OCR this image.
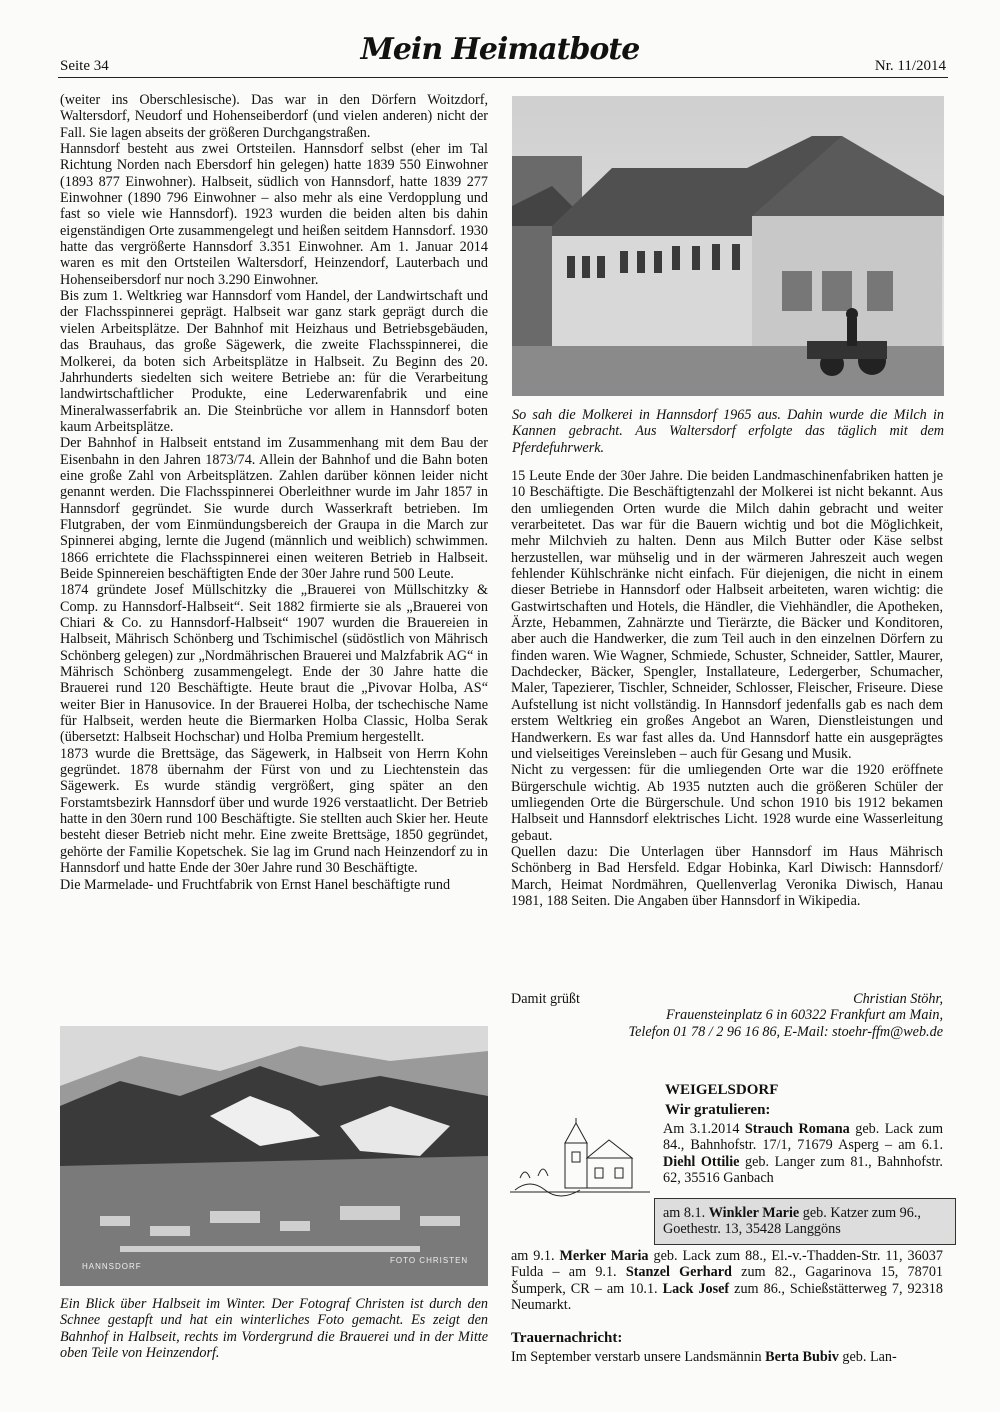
Seite 34	Mein Heimatbote	Nr. 11/2014

(weiter ins Oberschlesische). Das war in den Dörfern Woitzdorf, Waltersdorf, Neudorf und Hohenseiberdorf (und vielen anderen) nicht der Fall. Sie lagen abseits der größeren Durchgangstraßen.

Hannsdorf besteht aus zwei Ortsteilen. Hannsdorf selbst (eher im Tal Richtung Norden nach Ebersdorf hin gelegen) hatte 1839 550 Einwohner (1893 877 Einwohner). Halbseit, südlich von Hannsdorf, hatte 1839 277 Einwohner (1890 796 Einwohner – also mehr als eine Verdopplung und fast so viele wie Hannsdorf). 1923 wurden die beiden alten bis dahin eigenständigen Orte zusammengelegt und heißen seitdem Hannsdorf. 1930 hatte das vergrößerte Hannsdorf 3.351 Einwohner. Am 1. Januar 2014 waren es mit den Ortsteilen Waltersdorf, Heinzendorf, Lauterbach und Hohenseibersdorf nur noch 3.290 Einwohner.

Bis zum 1. Weltkrieg war Hannsdorf vom Handel, der Landwirtschaft und der Flachsspinnerei geprägt. Halbseit war ganz stark geprägt durch die vielen Arbeitsplätze. Der Bahnhof mit Heizhaus und Betriebsgebäuden, das Brauhaus, das große Sägewerk, die zweite Flachsspinnerei, die Molkerei, da boten sich Arbeitsplätze in Halbseit. Zu Beginn des 20. Jahrhunderts siedelten sich weitere Betriebe an: für die Verarbeitung landwirtschaftlicher Produkte, eine Lederwarenfabrik und eine Mineralwasserfabrik an. Die Steinbrüche vor allem in Hannsdorf boten kaum Arbeitsplätze.

Der Bahnhof in Halbseit entstand im Zusammenhang mit dem Bau der Eisenbahn in den Jahren 1873/74. Allein der Bahnhof und die Bahn boten eine große Zahl von Arbeitsplätzen. Zahlen darüber können leider nicht genannt werden. Die Flachsspinnerei Oberleithner wurde im Jahr 1857 in Hannsdorf gegründet. Sie wurde durch Wasserkraft betrieben. Im Flutgraben, der vom Einmündungsbereich der Graupa in die March zur Spinnerei abging, lernte die Jugend (männlich und weiblich) schwimmen. 1866 errichtete die Flachsspinnerei einen weiteren Betrieb in Halbseit. Beide Spinnereien beschäftigten Ende der 30er Jahre rund 500 Leute.

1874 gründete Josef Müllschitzky die „Brauerei von Müllschitzky & Comp. zu Hannsdorf-Halbseit“. Seit 1882 firmierte sie als „Brauerei von Chiari & Co. zu Hannsdorf-Halbseit“ 1907 wurden die Brauereien in Halbseit, Mährisch Schönberg und Tschimischel (südöstlich von Mährisch Schönberg gelegen) zur „Nordmährischen Brauerei und Malzfabrik AG“ in Mährisch Schönberg zusammengelegt. Ende der 30 Jahre hatte die Brauerei rund 120 Beschäftigte. Heute braut die „Pivovar Holba, AS“ weiter Bier in Hanusovice. In der Brauerei Holba, der tschechische Name für Halbseit, werden heute die Biermarken Holba Classic, Holba Serak (übersetzt: Halbseit Hochschar) und Holba Premium hergestellt.

1873 wurde die Brettsäge, das Sägewerk, in Halbseit von Herrn Kohn gegründet. 1878 übernahm der Fürst von und zu Liechtenstein das Sägewerk. Es wurde ständig vergrößert, ging später an den Forstamtsbezirk Hannsdorf über und wurde 1926 verstaatlicht. Der Betrieb hatte in den 30ern rund 100 Beschäftigte. Sie stellten auch Skier her. Heute besteht dieser Betrieb nicht mehr. Eine zweite Brettsäge, 1850 gegründet, gehörte der Familie Kopetschek. Sie lag im Grund nach Heinzendorf zu in Hannsdorf und hatte Ende der 30er Jahre rund 30 Beschäftigte.

Die Marmelade- und Fruchtfabrik von Ernst Hanel beschäftigte rund

So sah die Molkerei in Hannsdorf 1965 aus. Dahin wurde die Milch in Kannen gebracht. Aus Waltersdorf erfolgte das täglich mit dem Pferdefuhrwerk.

15 Leute Ende der 30er Jahre. Die beiden Landmaschinenfabriken hatten je 10 Beschäftigte. Die Beschäftigtenzahl der Molkerei ist nicht bekannt. Aus den umliegenden Orten wurde die Milch dahin gebracht und weiter verarbeitetet. Das war für die Bauern wichtig und bot die Möglichkeit, mehr Milchvieh zu halten. Denn aus Milch Butter oder Käse selbst herzustellen, war mühselig und in der wärmeren Jahreszeit auch wegen fehlender Kühlschränke nicht einfach. Für diejenigen, die nicht in einem dieser Betriebe in Hannsdorf oder Halbseit arbeiteten, waren wichtig: die Gastwirtschaften und Hotels, die Händler, die Viehhändler, die Apotheken, Ärzte, Hebammen, Zahnärzte und Tierärzte, die Bäcker und Konditoren, aber auch die Handwerker, die zum Teil auch in den einzelnen Dörfern zu finden waren. Wie Wagner, Schmiede, Schuster, Schneider, Sattler, Maurer, Dachdecker, Bäcker, Spengler, Installateure, Ledergerber, Schumacher, Maler, Tapezierer, Tischler, Schneider, Schlosser, Fleischer, Friseure. Diese Aufstellung ist nicht vollständig. In Hannsdorf jedenfalls gab es nach dem erstem Weltkrieg ein großes Angebot an Waren, Dienstleistungen und Handwerkern. Es war fast alles da. Und Hannsdorf hatte ein ausgeprägtes und vielseitiges Vereinsleben – auch für Gesang und Musik.

Nicht zu vergessen: für die umliegenden Orte war die 1920 eröffnete Bürgerschule wichtig. Ab 1935 nutzten auch die größeren Schüler der umliegenden Orte die Bürgerschule. Und schon 1910 bis 1912 bekamen Halbseit und Hannsdorf elektrisches Licht. 1928 wurde eine Wasserleitung gebaut.

Quellen dazu: Die Unterlagen über Hannsdorf im Haus Mährisch Schönberg in Bad Hersfeld. Edgar Hobinka, Karl Diwisch: Hannsdorf/ March, Heimat Nordmähren, Quellenverlag Veronika Diwisch, Hanau 1981, 188 Seiten. Die Angaben über Hannsdorf in Wikipedia.

Damit grüßt	Christian Stöhr,
Frauensteinplatz 6 in 60322 Frankfurt am Main,
Telefon 01 78 / 2 96 16 86, E-Mail: stoehr-ffm@web.de
HANNSDORF
FOTO CHRISTEN
Ein Blick über Halbseit im Winter. Der Fotograf Christen ist durch den Schnee gestapft und hat ein winterliches Foto gemacht. Es zeigt den Bahnhof in Halbseit, rechts im Vordergrund die Brauerei und in der Mitte oben Teile von Heinzendorf.
WEIGELSDORF
Wir gratulieren:
Am 3.1.2014 Strauch Romana geb. Lack zum 84., Bahnhofstr. 17/1, 71679 Asperg – am 6.1. Diehl Ottilie geb. Langer zum 81., Bahnhofstr. 62, 35516 Ganbach
am 8.1. Winkler Marie geb. Katzer zum 96., Goethestr. 13, 35428 Langgöns
am 9.1. Merker Maria geb. Lack zum 88., El.-v.-Thadden-Str. 11, 36037 Fulda – am 9.1. Stanzel Gerhard zum 82., Gagarinova 15, 78701 Šumperk, CR – am 10.1. Lack Josef zum 86., Schießstätterweg 7, 92318 Neumarkt.
Trauernachricht:
Im September verstarb unsere Landsmännin Berta Bubiv geb. Lan-
